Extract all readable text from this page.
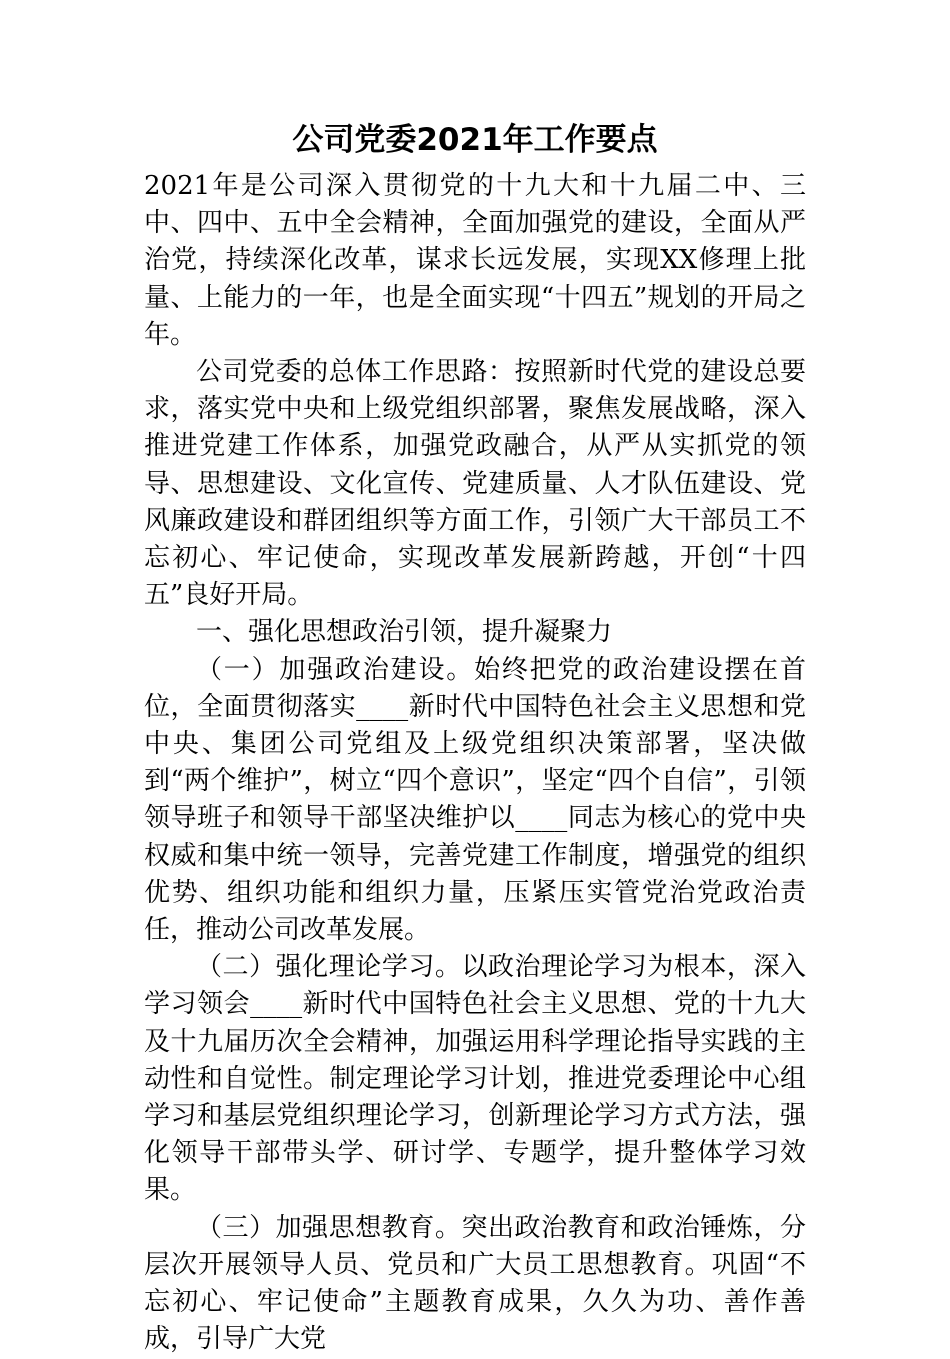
公司党委2021年工作要点

2021年是公司深入贯彻党的十九大和十九届二中、三中、四中、五中全会精神，全面加强党的建设，全面从严治党，持续深化改革，谋求长远发展，实现XX修理上批量、上能力的一年，也是全面实现“十四五”规划的开局之年。

公司党委的总体工作思路：按照新时代党的建设总要求，落实党中央和上级党组织部署，聚焦发展战略，深入推进党建工作体系，加强党政融合，从严从实抓党的领导、思想建设、文化宣传、党建质量、人才队伍建设、党风廉政建设和群团组织等方面工作，引领广大干部员工不忘初心、牢记使命，实现改革发展新跨越，开创“十四五”良好开局。

一、强化思想政治引领，提升凝聚力

（一）加强政治建设。始终把党的政治建设摆在首位，全面贯彻落实____新时代中国特色社会主义思想和党中央、集团公司党组及上级党组织决策部署，坚决做到“两个维护”，树立“四个意识”，坚定“四个自信”，引领领导班子和领导干部坚决维护以____同志为核心的党中央权威和集中统一领导，完善党建工作制度，增强党的组织优势、组织功能和组织力量，压紧压实管党治党政治责任，推动公司改革发展。

（二）强化理论学习。以政治理论学习为根本，深入学习领会____新时代中国特色社会主义思想、党的十九大及十九届历次全会精神，加强运用科学理论指导实践的主动性和自觉性。制定理论学习计划，推进党委理论中心组学习和基层党组织理论学习，创新理论学习方式方法，强化领导干部带头学、研讨学、专题学，提升整体学习效果。

（三）加强思想教育。突出政治教育和政治锤炼，分层次开展领导人员、党员和广大员工思想教育。巩固“不忘初心、牢记使命”主题教育成果，久久为功、善作善成，引导广大党
